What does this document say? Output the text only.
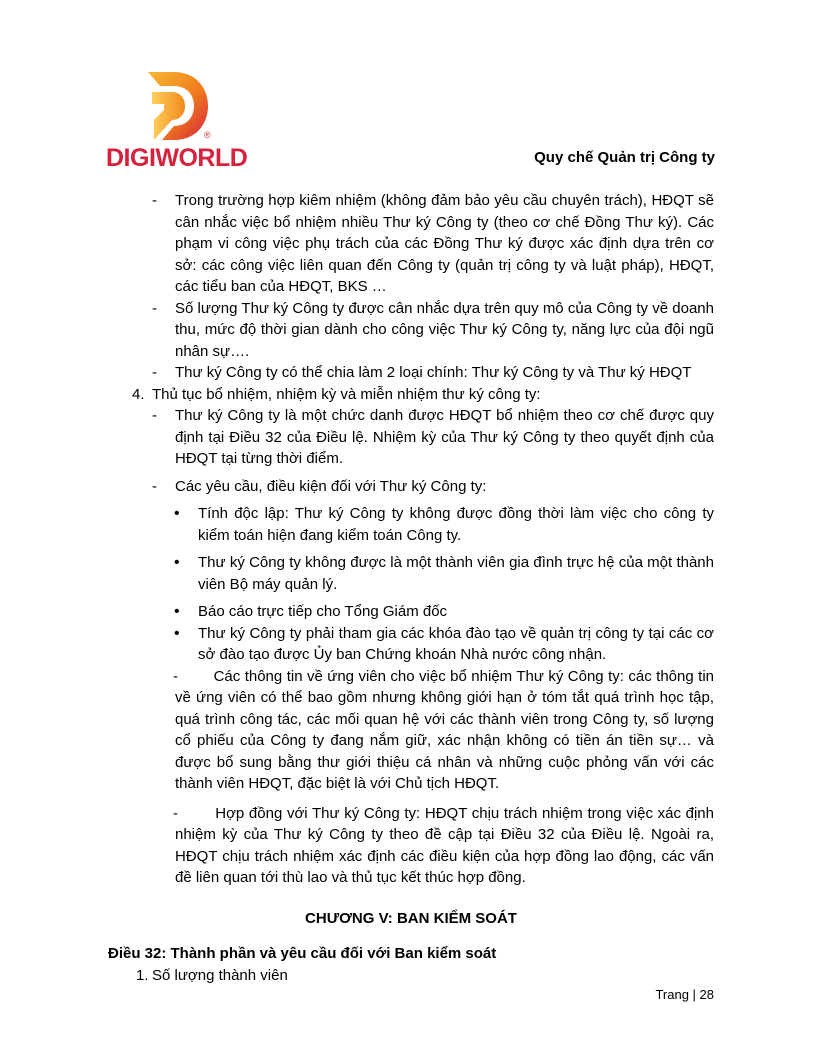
®
DIGIWORLD	Quy chế Quản trị Công ty
- Trong trường hợp kiêm nhiệm (không đảm bảo yêu cầu chuyên trách), HĐQT sẽ cân nhắc việc bổ nhiệm nhiều Thư ký Công ty (theo cơ chế Đồng Thư ký). Các phạm vi công việc phụ trách của các Đồng Thư ký được xác định dựa trên cơ sở: các công việc liên quan đến Công ty (quản trị công ty và luật pháp), HĐQT, các tiểu ban của HĐQT, BKS …
- Số lượng Thư ký Công ty được cân nhắc dựa trên quy mô của Công ty về doanh thu, mức độ thời gian dành cho công việc Thư ký Công ty, năng lực của đội ngũ nhân sự….
- Thư ký Công ty có thể chia làm 2 loại chính: Thư ký Công ty và Thư ký HĐQT
4. Thủ tục bổ nhiệm, nhiệm kỳ và miễn nhiệm thư ký công ty:
- Thư ký Công ty là một chức danh được HĐQT bổ nhiệm theo cơ chế được quy định tại Điều 32 của Điều lệ. Nhiệm kỳ của Thư ký Công ty theo quyết định của HĐQT tại từng thời điểm.
- Các yêu cầu, điều kiện đối với Thư ký Công ty:
• Tính độc lập: Thư ký Công ty không được đồng thời làm việc cho công ty kiểm toán hiện đang kiểm toán Công ty.
• Thư ký Công ty không được là một thành viên gia đình trực hệ của một thành viên Bộ máy quản lý.
• Báo cáo trực tiếp cho Tổng Giám đốc
• Thư ký Công ty phải tham gia các khóa đào tạo về quản trị công ty tại các cơ sở đào tạo được Ủy ban Chứng khoán Nhà nước công nhận.
-        Các thông tin về ứng viên cho việc bổ nhiệm Thư ký Công ty: các thông tin về ứng viên có thể bao gồm nhưng không giới hạn ở tóm tắt quá trình học tập, quá trình công tác, các mối quan hệ với các thành viên trong Công ty, số lượng cổ phiếu của Công ty đang nắm giữ, xác nhận không có tiền án tiền sự… và được bổ sung bằng thư giới thiệu cá nhân và những cuộc phỏng vấn với các thành viên HĐQT, đặc biệt là với Chủ tịch HĐQT.
-        Hợp đồng với Thư ký Công ty: HĐQT chịu trách nhiệm trong việc xác định nhiệm kỳ của Thư ký Công ty theo đề cập tại Điều 32 của Điều lệ. Ngoài ra, HĐQT chịu trách nhiệm xác định các điều kiện của hợp đồng lao động, các vấn đề liên quan tới thù lao và thủ tục kết thúc hợp đồng.
CHƯƠNG V: BAN KIỂM SOÁT
Điều 32: Thành phần và yêu cầu đối với Ban kiểm soát
1. Số lượng thành viên
Trang | 28
